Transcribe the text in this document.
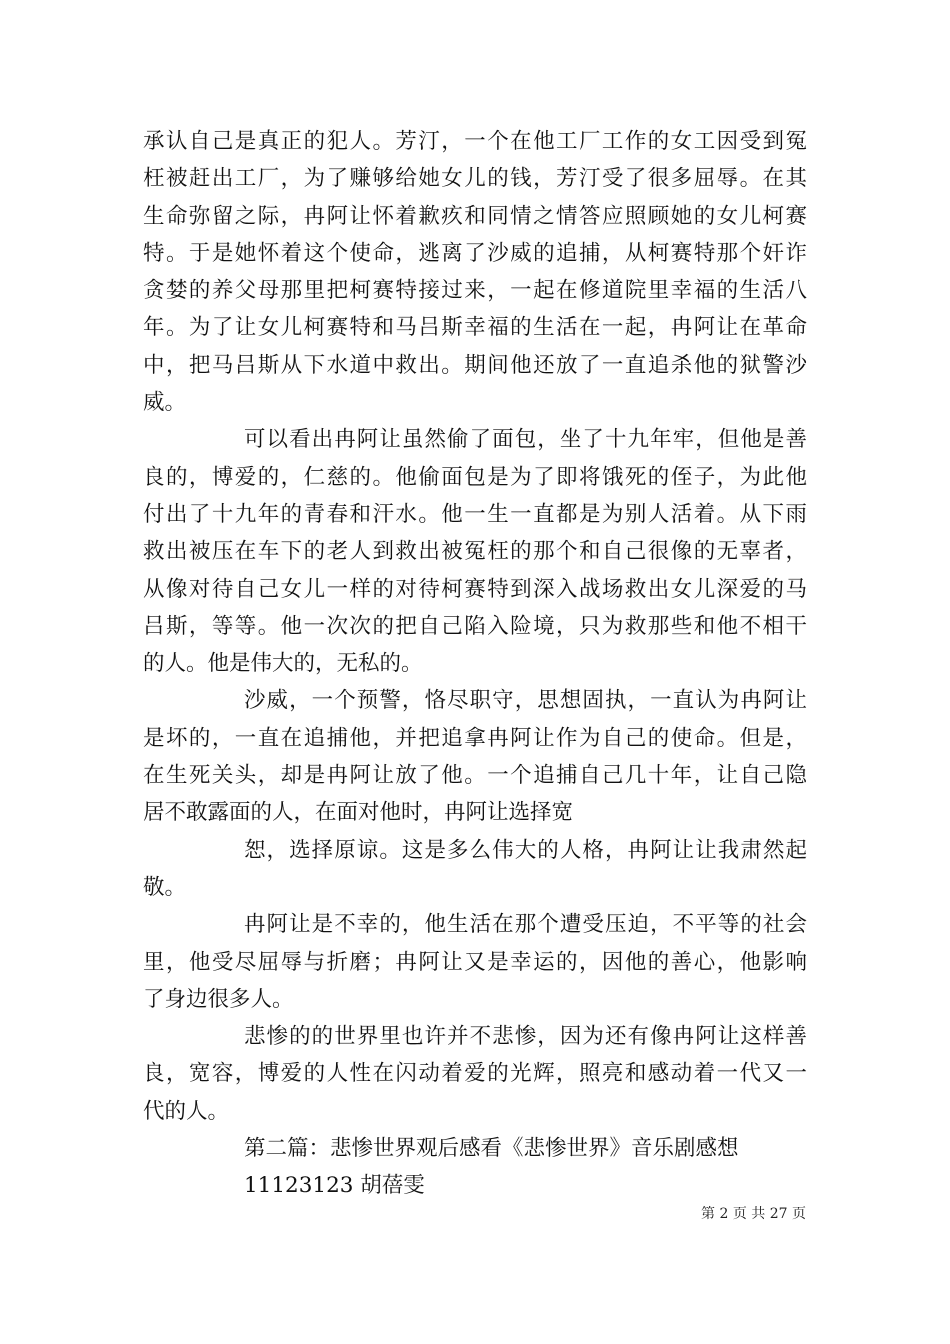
承认自己是真正的犯人。芳汀，一个在他工厂工作的女工因受到冤
枉被赶出工厂，为了赚够给她女儿的钱，芳汀受了很多屈辱。在其
生命弥留之际，冉阿让怀着歉疚和同情之情答应照顾她的女儿柯赛
特。于是她怀着这个使命，逃离了沙威的追捕，从柯赛特那个奸诈
贪婪的养父母那里把柯赛特接过来，一起在修道院里幸福的生活八
年。为了让女儿柯赛特和马吕斯幸福的生活在一起，冉阿让在革命
中，把马吕斯从下水道中救出。期间他还放了一直追杀他的狱警沙
威。
可以看出冉阿让虽然偷了面包，坐了十九年牢，但他是善
良的，博爱的，仁慈的。他偷面包是为了即将饿死的侄子，为此他
付出了十九年的青春和汗水。他一生一直都是为别人活着。从下雨
救出被压在车下的老人到救出被冤枉的那个和自己很像的无辜者，
从像对待自己女儿一样的对待柯赛特到深入战场救出女儿深爱的马
吕斯，等等。他一次次的把自己陷入险境，只为救那些和他不相干
的人。他是伟大的，无私的。
沙威，一个预警，恪尽职守，思想固执，一直认为冉阿让
是坏的，一直在追捕他，并把追拿冉阿让作为自己的使命。但是，
在生死关头，却是冉阿让放了他。一个追捕自己几十年，让自己隐
居不敢露面的人，在面对他时，冉阿让选择宽
恕，选择原谅。这是多么伟大的人格，冉阿让让我肃然起
敬。
冉阿让是不幸的，他生活在那个遭受压迫，不平等的社会
里，他受尽屈辱与折磨；冉阿让又是幸运的，因他的善心，他影响
了身边很多人。
悲惨的的世界里也许并不悲惨，因为还有像冉阿让这样善
良，宽容，博爱的人性在闪动着爱的光辉，照亮和感动着一代又一
代的人。
第二篇：悲惨世界观后感看《悲惨世界》音乐剧感想
11123123 胡蓓雯
第 2 页 共 27 页
